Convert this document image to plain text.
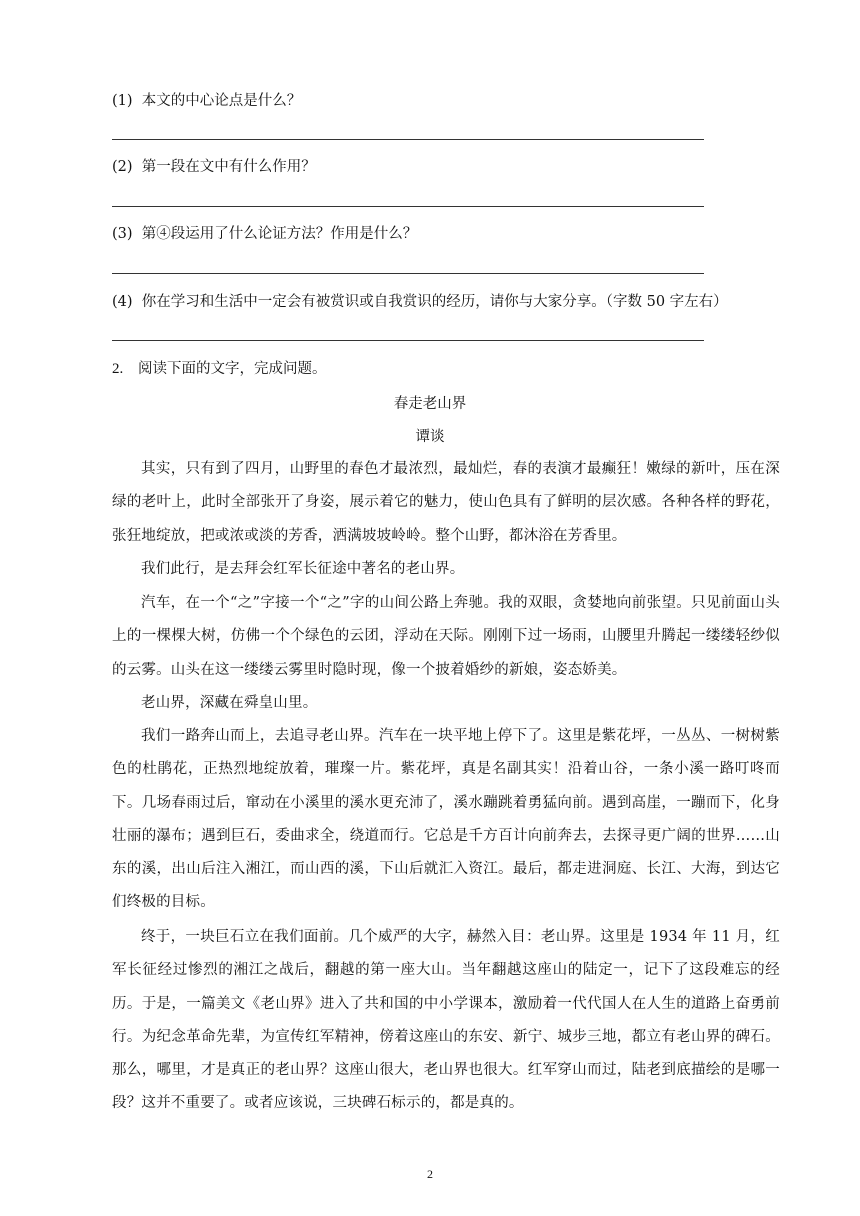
(1) 本文的中心论点是什么？
(2) 第一段在文中有什么作用？
(3) 第④段运用了什么论证方法？作用是什么？
(4) 你在学习和生活中一定会有被赏识或自我赏识的经历，请你与大家分享。（字数 50 字左右）
2. 阅读下面的文字，完成问题。
春走老山界
谭谈
其实，只有到了四月，山野里的春色才最浓烈，最灿烂，春的表演才最癫狂！嫩绿的新叶，压在深绿的老叶上，此时全部张开了身姿，展示着它的魅力，使山色具有了鲜明的层次感。各种各样的野花，张狂地绽放，把或浓或淡的芳香，洒满坡坡岭岭。整个山野，都沐浴在芳香里。
我们此行，是去拜会红军长征途中著名的老山界。
汽车，在一个“之”字接一个“之”字的山间公路上奔驰。我的双眼，贪婪地向前张望。只见前面山头上的一棵棵大树，仿佛一个个绿色的云团，浮动在天际。刚刚下过一场雨，山腰里升腾起一缕缕轻纱似的云雾。山头在这一缕缕云雾里时隐时现，像一个披着婚纱的新娘，姿态娇美。
老山界，深藏在舜皇山里。
我们一路奔山而上，去追寻老山界。汽车在一块平地上停下了。这里是紫花坪，一丛丛、一树树紫色的杜鹃花，正热烈地绽放着，璀璨一片。紫花坪，真是名副其实！沿着山谷，一条小溪一路叮咚而下。几场春雨过后，窜动在小溪里的溪水更充沛了，溪水蹦跳着勇猛向前。遇到高崖，一蹦而下，化身壮丽的瀑布；遇到巨石，委曲求全，绕道而行。它总是千方百计向前奔去，去探寻更广阔的世界……山东的溪，出山后注入湘江，而山西的溪，下山后就汇入资江。最后，都走进洞庭、长江、大海，到达它们终极的目标。
终于，一块巨石立在我们面前。几个威严的大字，赫然入目：老山界。这里是 1934 年 11 月，红军长征经过惨烈的湘江之战后，翻越的第一座大山。当年翻越这座山的陆定一，记下了这段难忘的经历。于是，一篇美文《老山界》进入了共和国的中小学课本，激励着一代代国人在人生的道路上奋勇前行。为纪念革命先辈，为宣传红军精神，傍着这座山的东安、新宁、城步三地，都立有老山界的碑石。那么，哪里，才是真正的老山界？这座山很大，老山界也很大。红军穿山而过，陆老到底描绘的是哪一段？这并不重要了。或者应该说，三块碑石标示的，都是真的。
2
